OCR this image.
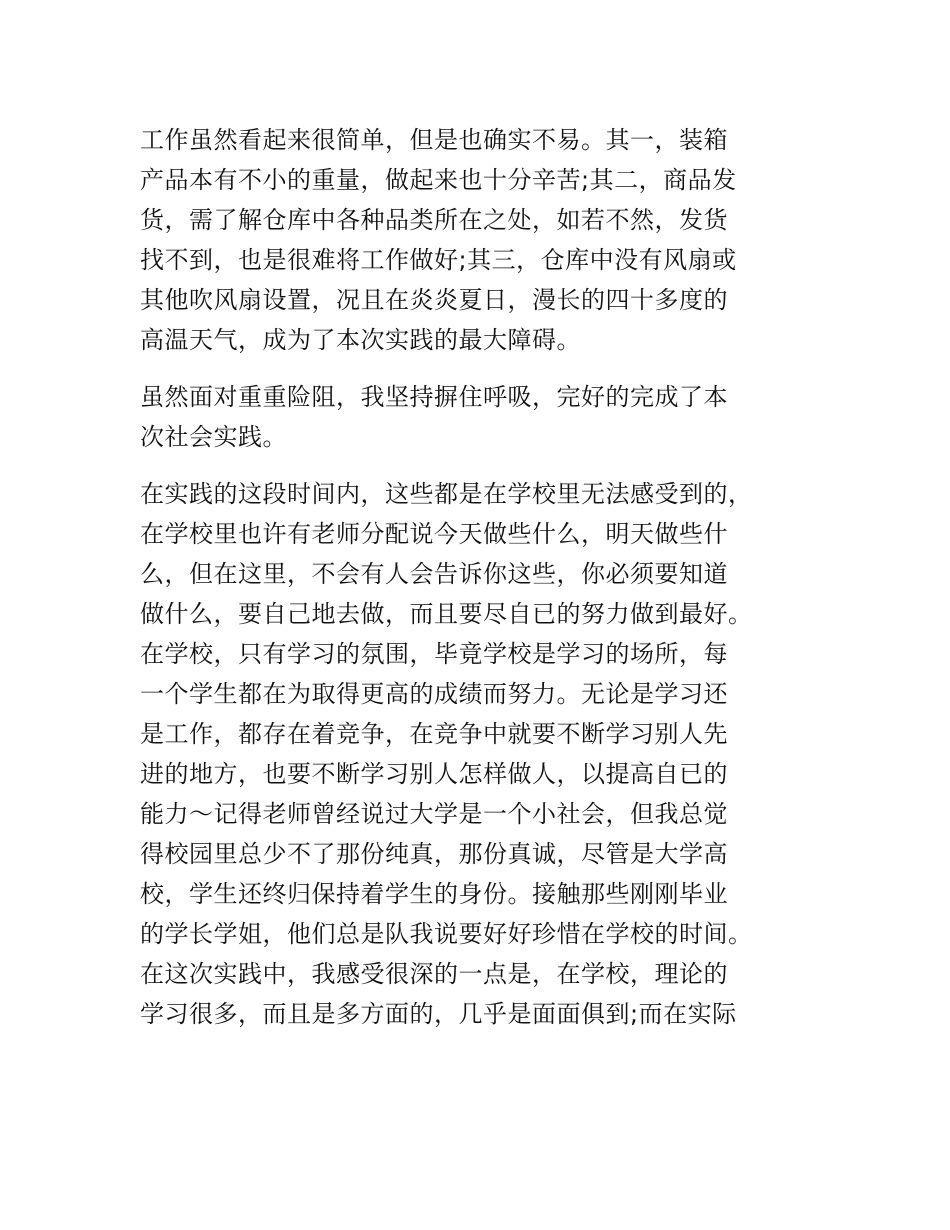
工作虽然看起来很简单，但是也确实不易。其一，装箱
产品本有不小的重量，做起来也十分辛苦;其二，商品发
货，需了解仓库中各种品类所在之处，如若不然，发货
找不到，也是很难将工作做好;其三，仓库中没有风扇或
其他吹风扇设置，况且在炎炎夏日，漫长的四十多度的
高温天气，成为了本次实践的最大障碍。
虽然面对重重险阻，我坚持摒住呼吸，完好的完成了本
次社会实践。
在实践的这段时间内，这些都是在学校里无法感受到的，
在学校里也许有老师分配说今天做些什么，明天做些什
么，但在这里，不会有人会告诉你这些，你必须要知道
做什么，要自己地去做，而且要尽自已的努力做到最好。
在学校，只有学习的氛围，毕竟学校是学习的场所，每
一个学生都在为取得更高的成绩而努力。无论是学习还
是工作，都存在着竞争，在竞争中就要不断学习别人先
进的地方，也要不断学习别人怎样做人，以提高自已的
能力～记得老师曾经说过大学是一个小社会，但我总觉
得校园里总少不了那份纯真，那份真诚，尽管是大学高
校，学生还终归保持着学生的身份。接触那些刚刚毕业
的学长学姐，他们总是队我说要好好珍惜在学校的时间。
在这次实践中，我感受很深的一点是，在学校，理论的
学习很多，而且是多方面的，几乎是面面俱到;而在实际
